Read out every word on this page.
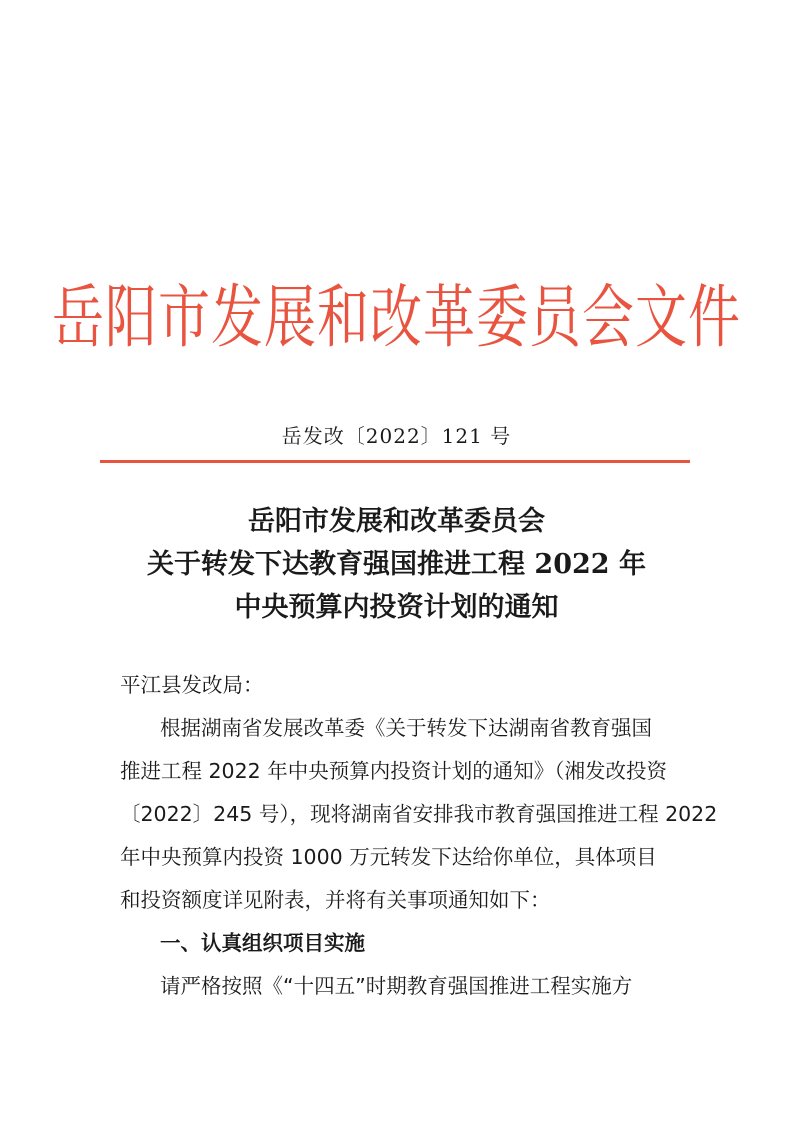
岳阳市发展和改革委员会文件
岳发改〔2022〕121 号
岳阳市发展和改革委员会
关于转发下达教育强国推进工程 2022 年
中央预算内投资计划的通知
平江县发改局：
根据湖南省发展改革委《关于转发下达湖南省教育强国
推进工程 2022 年中央预算内投资计划的通知》（湘发改投资
〔2022〕245 号），现将湖南省安排我市教育强国推进工程 2022
年中央预算内投资 1000 万元转发下达给你单位，具体项目
和投资额度详见附表，并将有关事项通知如下：
一、认真组织项目实施
请严格按照《“十四五”时期教育强国推进工程实施方
